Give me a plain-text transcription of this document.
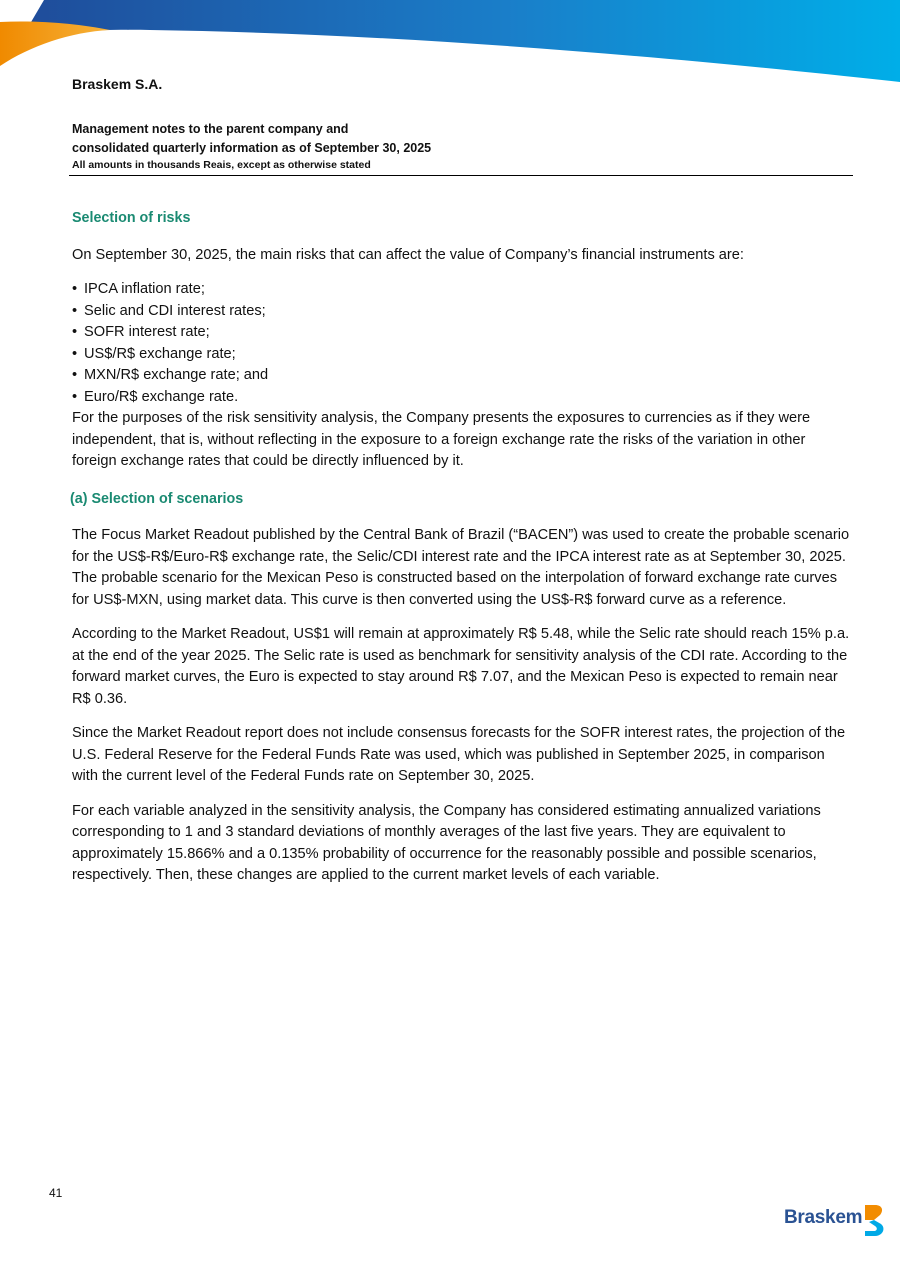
Braskem S.A.
Management notes to the parent company and
consolidated quarterly information as of September 30, 2025
All amounts in thousands Reais, except as otherwise stated

Selection of risks

On September 30, 2025, the main risks that can affect the value of Company’s financial instruments are:

• IPCA inflation rate;
• Selic and CDI interest rates;
• SOFR interest rate;
• US$/R$ exchange rate;
• MXN/R$ exchange rate; and
• Euro/R$ exchange rate.

For the purposes of the risk sensitivity analysis, the Company presents the exposures to currencies as if they were independent, that is, without reflecting in the exposure to a foreign exchange rate the risks of the variation in other foreign exchange rates that could be directly influenced by it.

(a) Selection of scenarios

The Focus Market Readout published by the Central Bank of Brazil (“BACEN”) was used to create the probable scenario for the US$-R$/Euro-R$ exchange rate, the Selic/CDI interest rate and the IPCA interest rate as at September 30, 2025. The probable scenario for the Mexican Peso is constructed based on the interpolation of forward exchange rate curves for US$-MXN, using market data. This curve is then converted using the US$-R$ forward curve as a reference.

According to the Market Readout, US$1 will remain at approximately R$ 5.48, while the Selic rate should reach 15% p.a. at the end of the year 2025. The Selic rate is used as benchmark for sensitivity analysis of the CDI rate. According to the forward market curves, the Euro is expected to stay around R$ 7.07, and the Mexican Peso is expected to remain near R$ 0.36.

Since the Market Readout report does not include consensus forecasts for the SOFR interest rates, the projection of the U.S. Federal Reserve for the Federal Funds Rate was used, which was published in September 2025, in comparison with the current level of the Federal Funds rate on September 30, 2025.

For each variable analyzed in the sensitivity analysis, the Company has considered estimating annualized variations corresponding to 1 and 3 standard deviations of monthly averages of the last five years. They are equivalent to approximately 15.866% and a 0.135% probability of occurrence for the reasonably possible and possible scenarios, respectively. Then, these changes are applied to the current market levels of each variable.

41
Braskem
